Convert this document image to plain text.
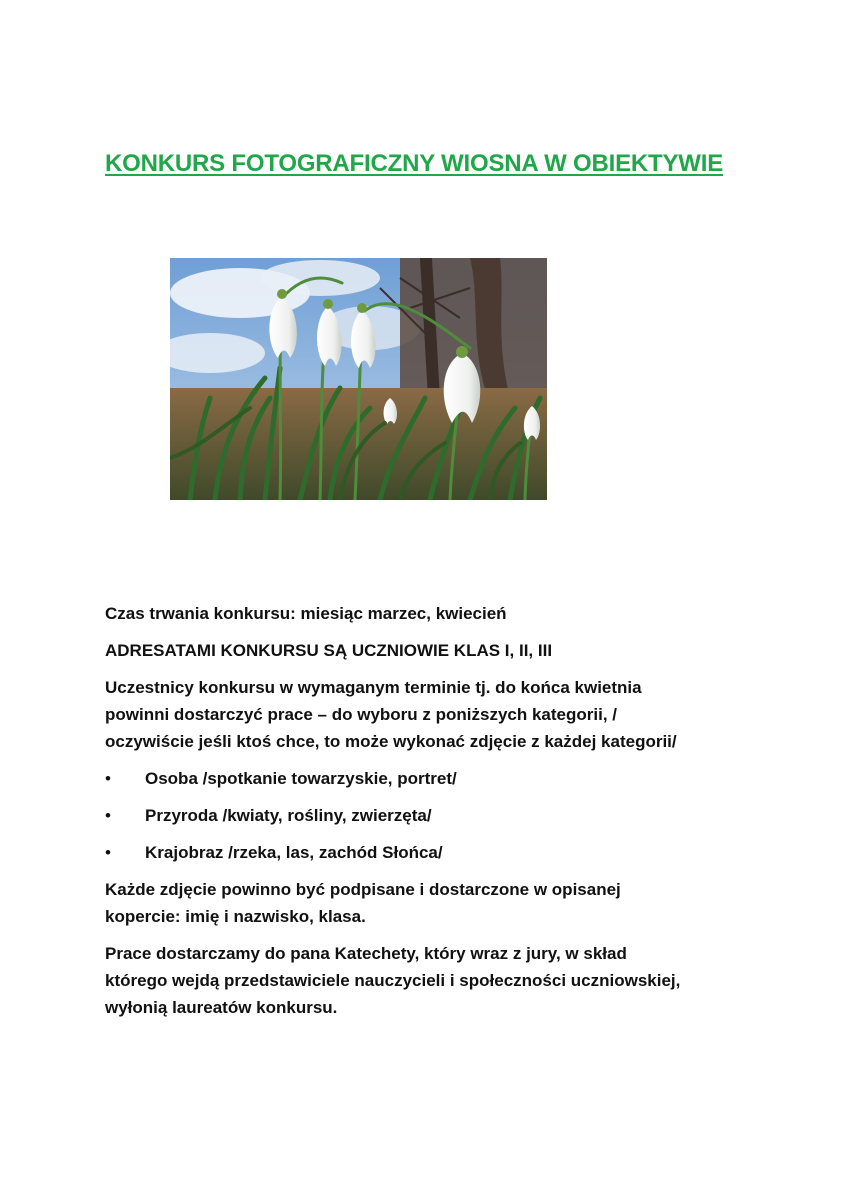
KONKURS FOTOGRAFICZNY WIOSNA W OBIEKTYWIE

Czas trwania konkursu: miesiąc marzec, kwiecień

ADRESATAMI KONKURSU SĄ UCZNIOWIE KLAS I, II, III

Uczestnicy konkursu w wymaganym terminie tj. do końca kwietnia powinni dostarczyć prace – do wyboru z poniższych kategorii, / oczywiście jeśli ktoś chce, to może wykonać zdjęcie z każdej kategorii/

• Osoba /spotkanie towarzyskie, portret/
• Przyroda /kwiaty, rośliny, zwierzęta/
• Krajobraz /rzeka, las, zachód Słońca/

Każde zdjęcie powinno być podpisane i dostarczone w opisanej kopercie: imię i nazwisko, klasa.

Prace dostarczamy do pana Katechety, który wraz z jury, w skład którego wejdą przedstawiciele nauczycieli i społeczności uczniowskiej, wyłonią laureatów konkursu.
